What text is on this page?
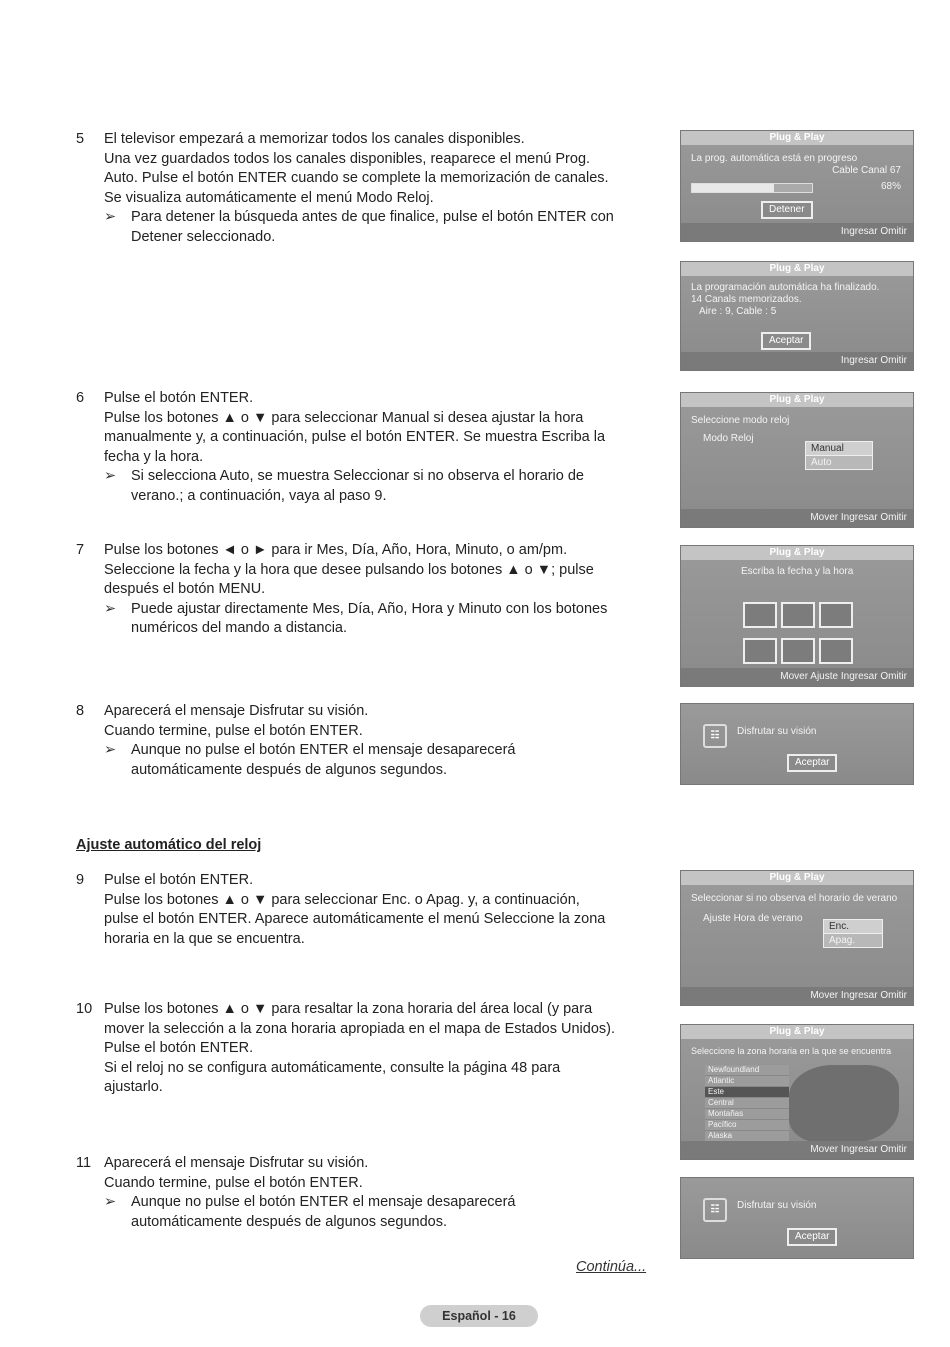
5	El televisor empezará a memorizar todos los canales disponibles.
Una vez guardados todos los canales disponibles, reaparece el menú Prog.
Auto. Pulse el botón ENTER cuando se complete la memorización de canales.
Se visualiza automáticamente el menú Modo Reloj.
➢ Para detener la búsqueda antes de que finalice, pulse el botón ENTER con
Detener seleccionado.
6	Pulse el botón ENTER.
Pulse los botones ▲ o ▼ para seleccionar Manual si desea ajustar la hora
manualmente y, a continuación, pulse el botón ENTER. Se muestra Escriba la
fecha y la hora.
➢ Si selecciona Auto, se muestra Seleccionar si no observa el horario de
verano.; a continuación, vaya al paso 9.
7	Pulse los botones ◄ o ► para ir Mes, Día, Año, Hora, Minuto, o am/pm.
Seleccione la fecha y la hora que desee pulsando los botones ▲ o ▼; pulse
después el botón MENU.
➢ Puede ajustar directamente Mes, Día, Año, Hora y Minuto con los botones
numéricos del mando a distancia.
8	Aparecerá el mensaje Disfrutar su visión.
Cuando termine, pulse el botón ENTER.
➢ Aunque no pulse el botón ENTER el mensaje desaparecerá
automáticamente después de algunos segundos.
Ajuste automático del reloj
9	Pulse el botón ENTER.
Pulse los botones ▲ o ▼ para seleccionar Enc. o Apag. y, a continuación,
pulse el botón ENTER. Aparece automáticamente el menú Seleccione la zona
horaria en la que se encuentra.
10 Pulse los botones ▲ o ▼ para resaltar la zona horaria del área local (y para
mover la selección a la zona horaria apropiada en el mapa de Estados Unidos).
Pulse el botón ENTER.
Si el reloj no se configura automáticamente, consulte la página 48 para
ajustarlo.
11 Aparecerá el mensaje Disfrutar su visión.
Cuando termine, pulse el botón ENTER.
➢ Aunque no pulse el botón ENTER el mensaje desaparecerá
automáticamente después de algunos segundos.
Continúa...
Español - 16
Plug & Play
La prog. automática está en progreso
Cable Canal 67
68%
Detener
Ingresar Omitir
Plug & Play
La programación automática ha finalizado.
14 Canals memorizados.
Aire : 9, Cable : 5
Aceptar
Ingresar Omitir
Plug & Play
Seleccione modo reloj
Modo Reloj
Manual
Auto
Mover Ingresar Omitir
Plug & Play
Escriba la fecha y la hora
Mover Ajuste Ingresar Omitir
☷	Disfrutar su visión
Aceptar
Plug & Play
Seleccionar si no observa el horario de verano
Ajuste Hora de verano
Enc.
Apag.
Mover Ingresar Omitir
Plug & Play
Seleccione la zona horaria en la que se encuentra
Newfoundland
Atlantic
Este
Central
Montañas
Pacífico
Alaska
Mover Ingresar Omitir
☷	Disfrutar su visión
Aceptar
